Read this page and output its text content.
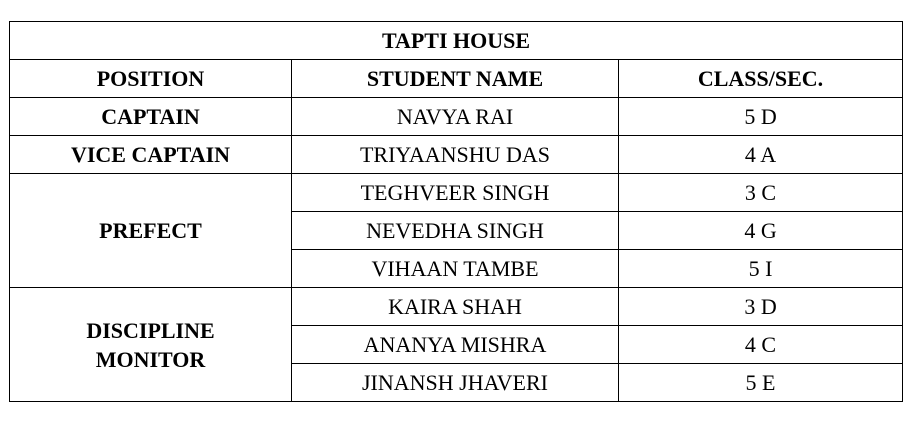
TAPTI HOUSE		
POSITION	STUDENT NAME	CLASS/SEC.

CAPTAIN	NAVYA RAI	5 D

VICE CAPTAIN	TRIYAANSHU DAS	4 A

PREFECT	TEGHVEER SINGH	3 C
	NEVEDHA SINGH	4 G
	VIHAAN TAMBE	5 I

DISCIPLINE
MONITOR	KAIRA SHAH	3 D
	ANANYA MISHRA	4 C
	JINANSH JHAVERI	5 E
